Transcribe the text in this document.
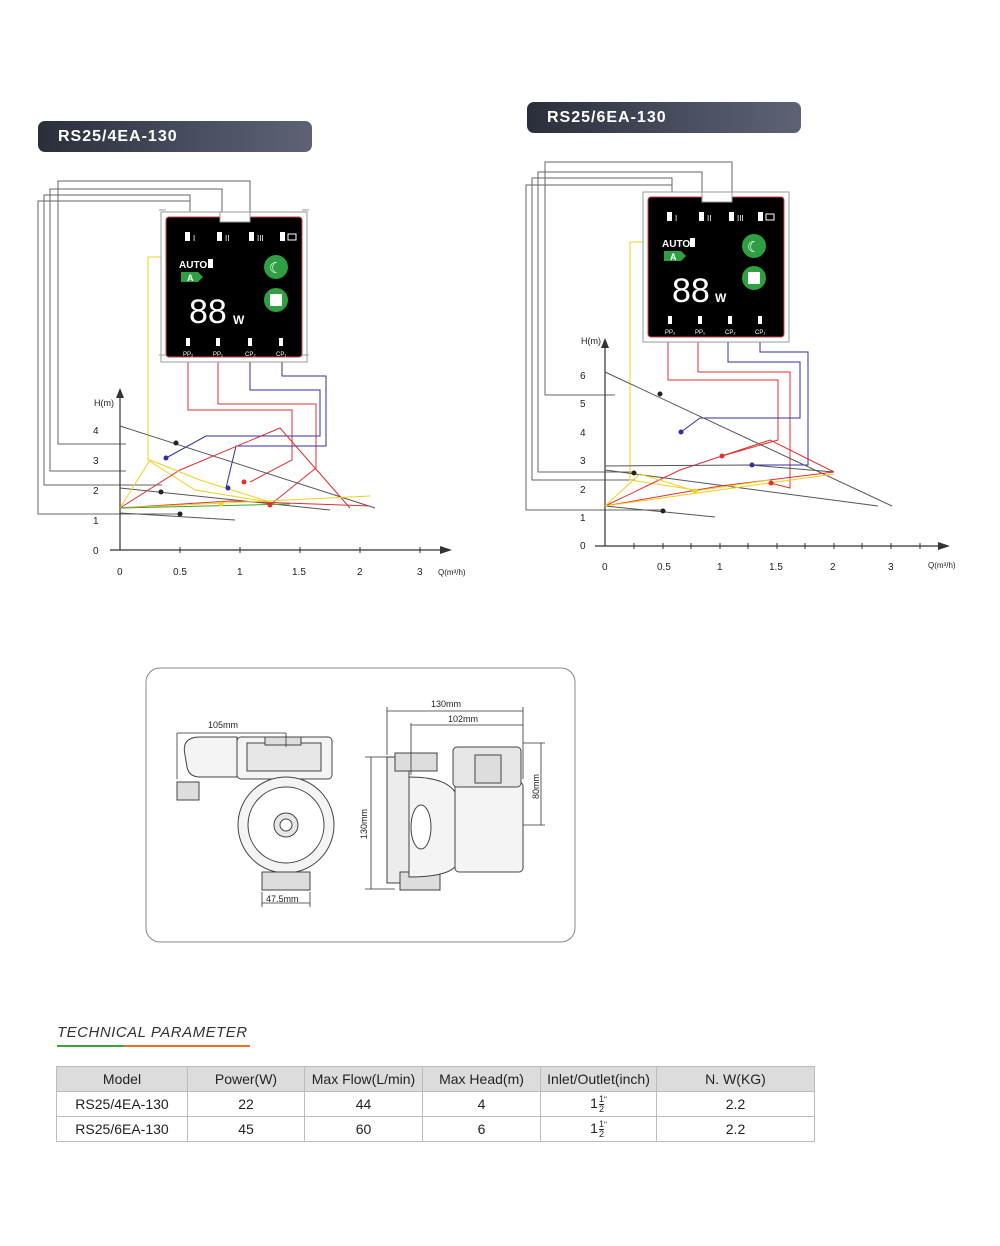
RS25/4EA-130
I	II	III
AUTO
A
88 W
☾
PP₂	PP₁	CP₂	CP₁
H(m)
Q(m³/h)
4
3
2
1
0
0	0.5	1	1.5	2	3
RS25/6EA-130
I	II	III
AUTO
A
88 W
☾
PP₂	PP₁	CP₂	CP₁
H(m)
Q(m³/h)
6
5
4
3
2
1
0
0	0.5	1	1.5	2	3
105mm
47.5mm
130mm
102mm
80mm
130mm
TECHNICAL PARAMETER
Model	Power(W)	Max Flow(L/min)	Max Head(m)	Inlet/Outlet(inch)	N. W(KG)
RS25/4EA-130	22	44	4	$1 \frac{1}{2} ^"$	2.2
RS25/6EA-130	45	60	6	$1 \frac{1}{2} ^"$	2.2
